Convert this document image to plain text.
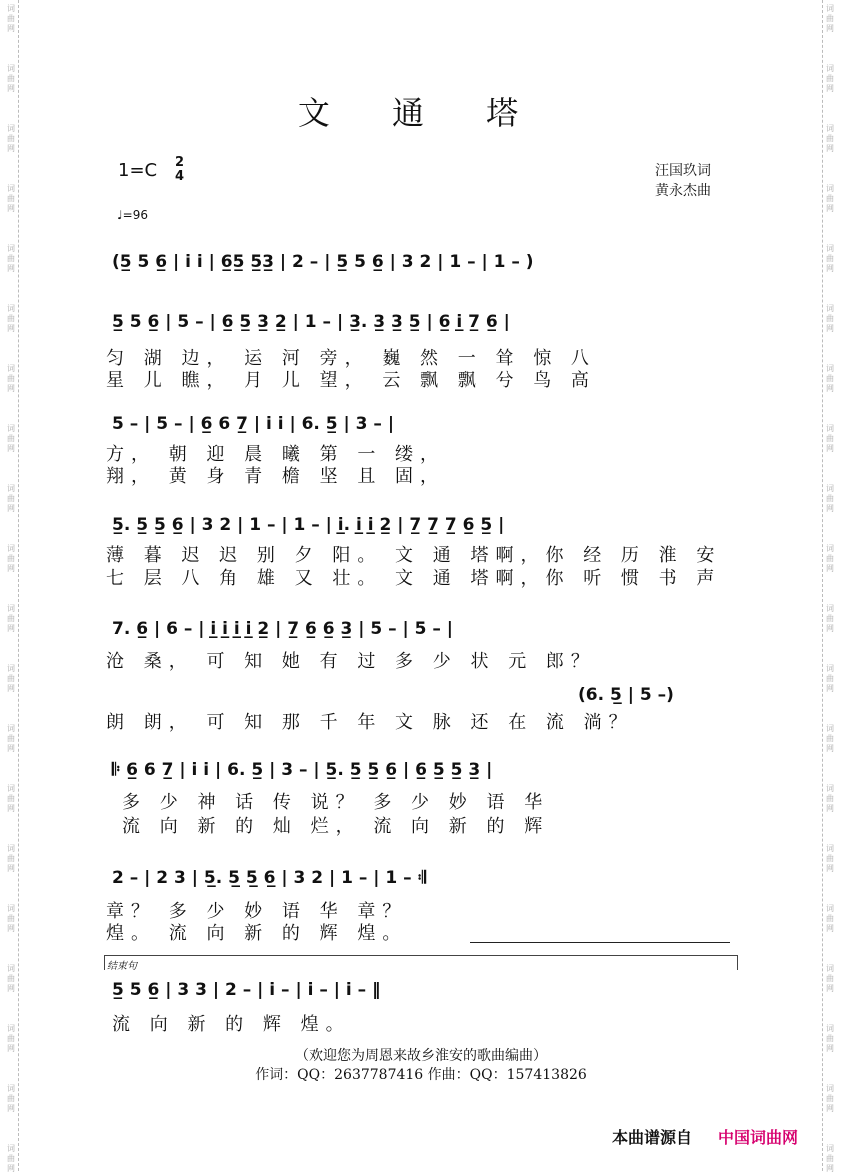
词
曲
网
词
曲
网
词
曲
网
词
曲
网
词
曲
网
词
曲
网
词
曲
网
词
曲
网
词
曲
网
词
曲
网
词
曲
网
词
曲
网
词
曲
网
词
曲
网
词
曲
网
词
曲
网
词
曲
网
词
曲
网
词
曲
网
词
曲
网
词
曲
网
词
曲
网
词
曲
网
词
曲
网
词
曲
网
词
曲
网
词
曲
网
词
曲
网
词
曲
网
词
曲
网
词
曲
网
词
曲
网
词
曲
网
词
曲
网
词
曲
网
词
曲
网
词
曲
网
词
曲
网
词
曲
网
词
曲
网
文 通 塔
1=C 2
4	汪国玖词
黄永杰曲
♩=96
(5̲ 5 6̲ | i i | 6̲5̲ 5̲3̲ | 2 – | 5̲ 5 6̲ | 3 2 | 1 – | 1 – )
5̲ 5 6̲ | 5 – | 6̲ 5̲ 3̲ 2̲ | 1 – | 3̲. 3̲ 3̲ 5̲ | 6̲ i̲ 7̲ 6̲ |
匀 湖 边， 运 河 旁， 巍 然 一 耸 惊 八
星 儿 瞧， 月 儿 望， 云 飘 飘 兮 鸟 高
5 – | 5 – | 6̲ 6 7̲ | i i | 6. 5̲ | 3 – |
方， 朝 迎 晨 曦 第 一 缕，
翔， 黄 身 青 檐 坚 且 固，
5̲. 5̲ 5̲ 6̲ | 3 2 | 1 – | 1 – | i̲. i̲ i̲ 2̲ | 7̲ 7̲ 7̲ 6̲ 5̲ |
薄 暮 迟 迟 别 夕 阳。 文 通 塔啊，你 经 历 淮 安
七 层 八 角 雄 又 壮。 文 通 塔啊，你 听 惯 书 声
7. 6̲ | 6 – | i̲ i̲ i̲ i̲ 2̲ | 7̲ 6̲ 6̲ 3̲ | 5 – | 5 – |
沧 桑， 可 知 她 有 过 多 少 状 元 郎？
(6. 5̲ | 5 –)
朗 朗， 可 知 那 千 年 文 脉 还 在 流 淌？
𝄆 6̲ 6 7̲ | i i | 6. 5̲ | 3 – | 5̲. 5̲ 5̲ 6̲ | 6̲ 5̲ 5̲ 3̲ |
多 少 神 话 传 说？ 多 少 妙 语 华
流 向 新 的 灿 烂， 流 向 新 的 辉
2 – | 2 3 | 5̲. 5̲ 5̲ 6̲ | 3 2 | 1 – | 1 – 𝄇
章？ 多 少 妙 语 华 章？
煌。 流 向 新 的 辉 煌。
结束句
5̲ 5 6̲ | 3 3 | 2 – | i – | i – | i – ‖
流 向 新 的 辉 煌。
（欢迎您为周恩来故乡淮安的歌曲编曲）
作词：QQ：2637787416 作曲：QQ：157413826
本曲谱源自 中国词曲网
